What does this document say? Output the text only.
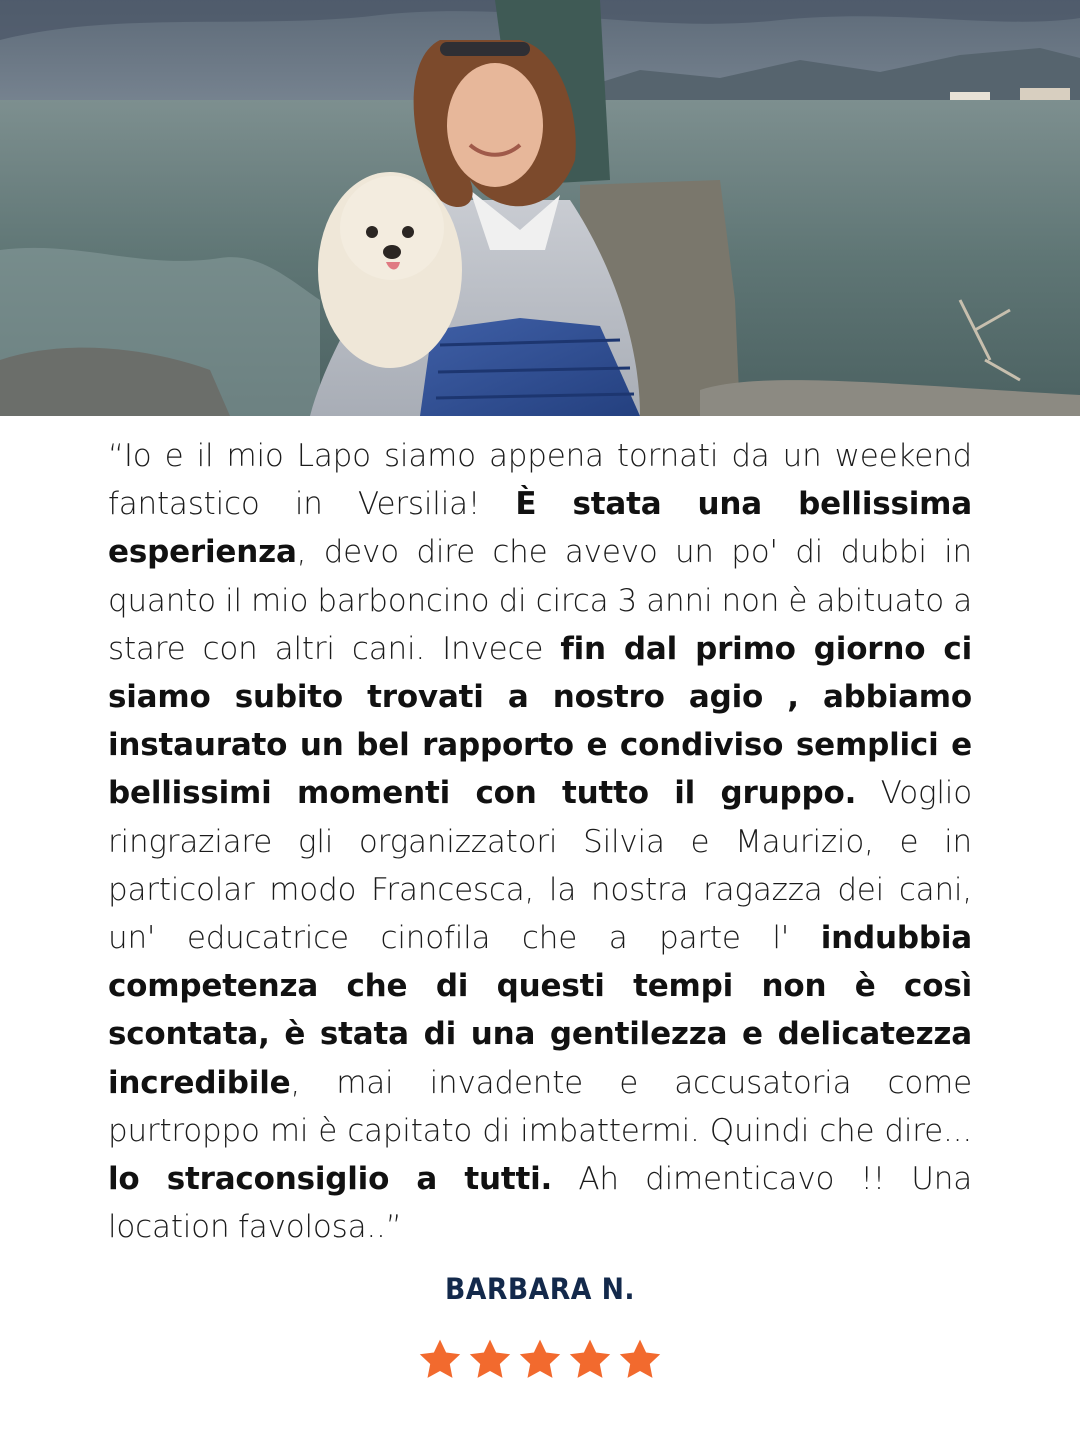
“Io e il mio Lapo siamo appena tornati da un weekend fantastico in Versilia! È stata una bellissima esperienza, devo dire che avevo un po' di dubbi in quanto il mio barboncino di circa 3 anni non è abituato a stare con altri cani. Invece fin dal primo giorno ci siamo subito trovati a nostro agio , abbiamo instaurato un bel rapporto e condiviso semplici e bellissimi momenti con tutto il gruppo. Voglio ringraziare gli organizzatori Silvia e Maurizio, e in particolar modo Francesca, la nostra ragazza dei cani, un' educatrice cinofila che a parte l' indubbia competenza che di questi tempi non è così scontata, è stata di una gentilezza e delicatezza incredibile, mai invadente e accusatoria come purtroppo mi è capitato di imbattermi. Quindi che dire... lo straconsiglio a tutti. Ah dimenticavo !! Una location favolosa..”

BARBARA N.
